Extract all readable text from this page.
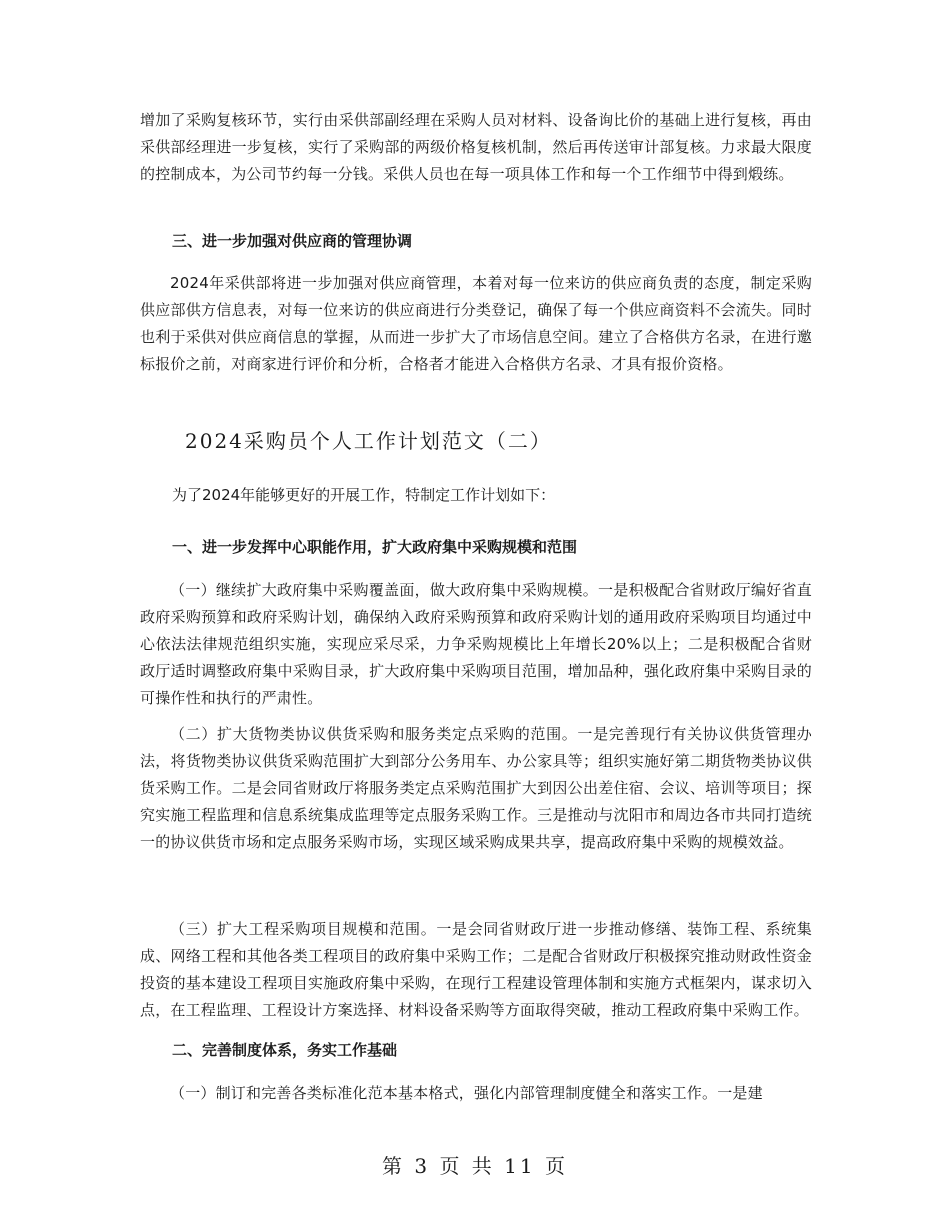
增加了采购复核环节，实行由采供部副经理在采购人员对材料、设备询比价的基础上进行复核，再由采供部经理进一步复核，实行了采购部的两级价格复核机制，然后再传送审计部复核。力求最大限度的控制成本，为公司节约每一分钱。采供人员也在每一项具体工作和每一个工作细节中得到煅练。

三、进一步加强对供应商的管理协调

2024年采供部将进一步加强对供应商管理，本着对每一位来访的供应商负责的态度，制定采购供应部供方信息表，对每一位来访的供应商进行分类登记，确保了每一个供应商资料不会流失。同时也利于采供对供应商信息的掌握，从而进一步扩大了市场信息空间。建立了合格供方名录，在进行邀标报价之前，对商家进行评价和分析，合格者才能进入合格供方名录、才具有报价资格。

2024采购员个人工作计划范文（二）

为了2024年能够更好的开展工作，特制定工作计划如下：

一、进一步发挥中心职能作用，扩大政府集中采购规模和范围

（一）继续扩大政府集中采购覆盖面，做大政府集中采购规模。一是积极配合省财政厅编好省直政府采购预算和政府采购计划，确保纳入政府采购预算和政府采购计划的通用政府采购项目均通过中心依法法律规范组织实施，实现应采尽采，力争采购规模比上年增长20%以上；二是积极配合省财政厅适时调整政府集中采购目录，扩大政府集中采购项目范围，增加品种，强化政府集中采购目录的可操作性和执行的严肃性。

（二）扩大货物类协议供货采购和服务类定点采购的范围。一是完善现行有关协议供货管理办法，将货物类协议供货采购范围扩大到部分公务用车、办公家具等；组织实施好第二期货物类协议供货采购工作。二是会同省财政厅将服务类定点采购范围扩大到因公出差住宿、会议、培训等项目；探究实施工程监理和信息系统集成监理等定点服务采购工作。三是推动与沈阳市和周边各市共同打造统一的协议供货市场和定点服务采购市场，实现区域采购成果共享，提高政府集中采购的规模效益。

（三）扩大工程采购项目规模和范围。一是会同省财政厅进一步推动修缮、装饰工程、系统集成、网络工程和其他各类工程项目的政府集中采购工作；二是配合省财政厅积极探究推动财政性资金投资的基本建设工程项目实施政府集中采购，在现行工程建设管理体制和实施方式框架内，谋求切入点，在工程监理、工程设计方案选择、材料设备采购等方面取得突破，推动工程政府集中采购工作。

二、完善制度体系，务实工作基础

（一）制订和完善各类标准化范本基本格式，强化内部管理制度健全和落实工作。一是建

第 3 页 共 11 页
